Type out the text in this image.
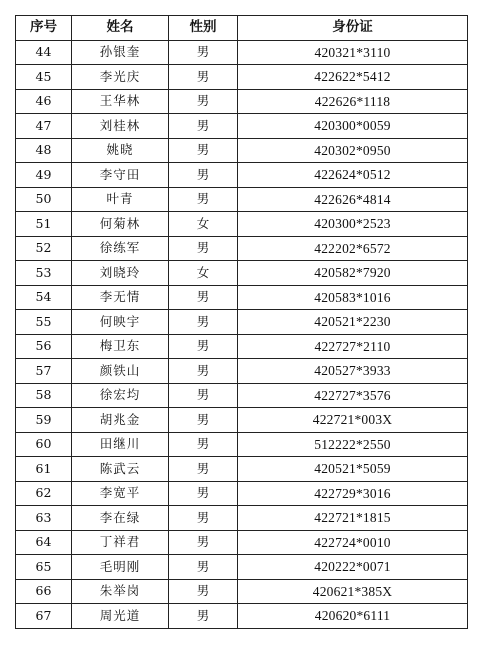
序号	姓名	性别	身份证
44	孙银奎	男	420321*3110
45	李光庆	男	422622*5412
46	王华林	男	422626*1118
47	刘桂林	男	420300*0059
48	姚晓	男	420302*0950
49	李守田	男	422624*0512
50	叶青	男	422626*4814
51	何菊林	女	420300*2523
52	徐练军	男	422202*6572
53	刘晓玲	女	420582*7920
54	李无情	男	420583*1016
55	何映宇	男	420521*2230
56	梅卫东	男	422727*2110
57	颜铁山	男	420527*3933
58	徐宏均	男	422727*3576
59	胡兆金	男	422721*003X
60	田继川	男	512222*2550
61	陈武云	男	420521*5059
62	李宽平	男	422729*3016
63	李在绿	男	422721*1815
64	丁祥君	男	422724*0010
65	毛明刚	男	420222*0071
66	朱举岗	男	420621*385X
67	周光道	男	420620*6111
